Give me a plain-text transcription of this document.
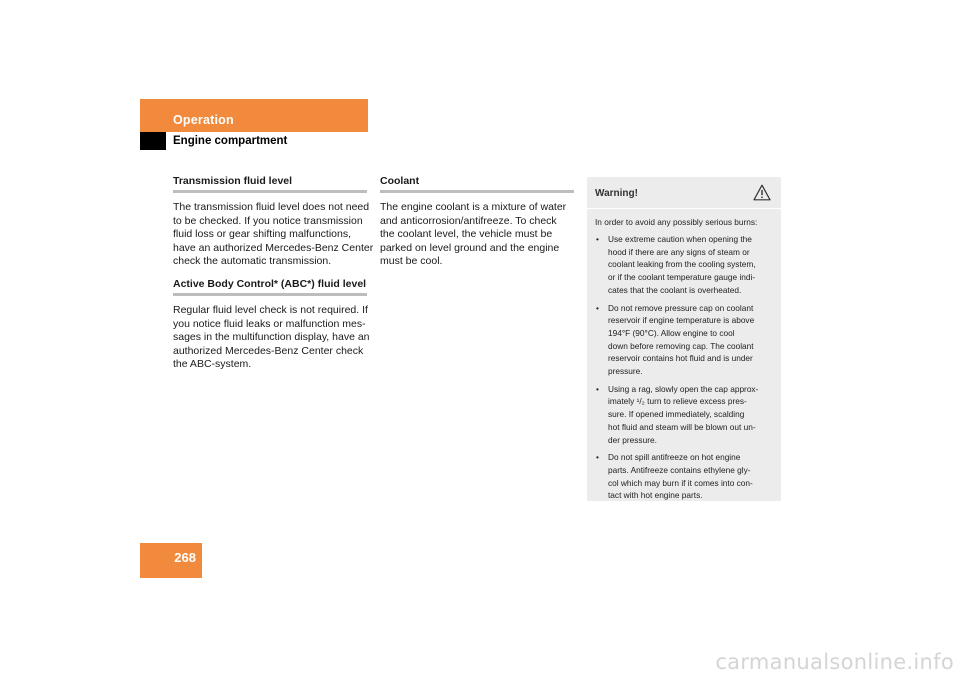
Operation
Engine compartment
Transmission fluid level

The transmission fluid level does not need
to be checked. If you notice transmission
fluid loss or gear shifting malfunctions,
have an authorized Mercedes-Benz Center
check the automatic transmission.

Active Body Control* (ABC*) fluid level

Regular fluid level check is not required. If
you notice fluid leaks or malfunction mes-
sages in the multifunction display, have an
authorized Mercedes-Benz Center check
the ABC-system.

Coolant

The engine coolant is a mixture of water
and anticorrosion/antifreeze. To check
the coolant level, the vehicle must be
parked on level ground and the engine
must be cool.

Warning!
In order to avoid any possibly serious burns:
• Use extreme caution when opening the
hood if there are any signs of steam or
coolant leaking from the cooling system,
or if the coolant temperature gauge indi-
cates that the coolant is overheated.
• Do not remove pressure cap on coolant
reservoir if engine temperature is above
194°F (90°C). Allow engine to cool
down before removing cap. The coolant
reservoir contains hot fluid and is under
pressure.
• Using a rag, slowly open the cap approx-
imately ¹/₂ turn to relieve excess pres-
sure. If opened immediately, scalding
hot fluid and steam will be blown out un-
der pressure.
• Do not spill antifreeze on hot engine
parts. Antifreeze contains ethylene gly-
col which may burn if it comes into con-
tact with hot engine parts.
268
carmanualsonline.info
